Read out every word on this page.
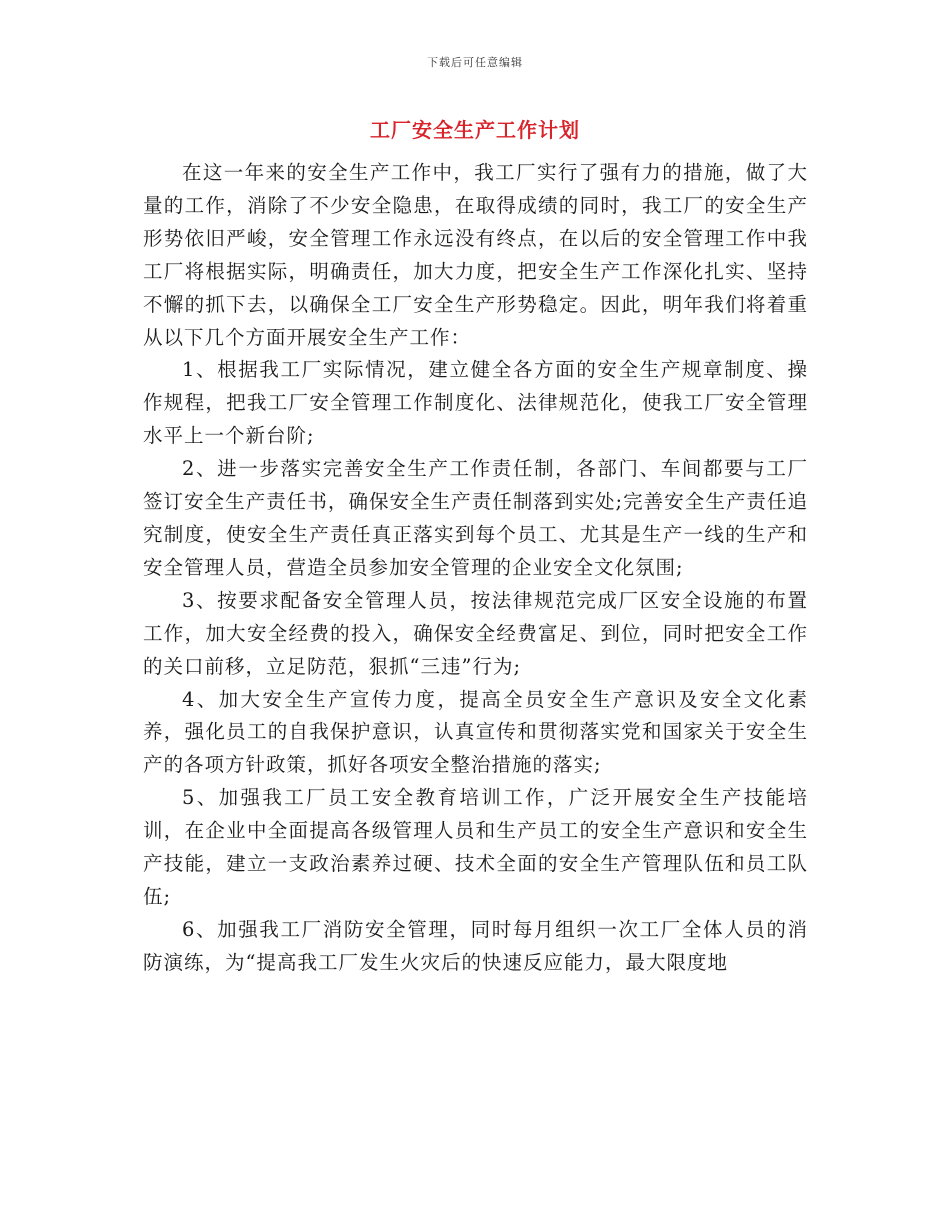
下载后可任意编辑
工厂安全生产工作计划

在这一年来的安全生产工作中，我工厂实行了强有力的措施，做了大量的工作，消除了不少安全隐患，在取得成绩的同时，我工厂的安全生产形势依旧严峻，安全管理工作永远没有终点，在以后的安全管理工作中我工厂将根据实际，明确责任，加大力度，把安全生产工作深化扎实、坚持不懈的抓下去，以确保全工厂安全生产形势稳定。因此，明年我们将着重从以下几个方面开展安全生产工作：

1、根据我工厂实际情况，建立健全各方面的安全生产规章制度、操作规程，把我工厂安全管理工作制度化、法律规范化，使我工厂安全管理水平上一个新台阶;

2、进一步落实完善安全生产工作责任制，各部门、车间都要与工厂签订安全生产责任书，确保安全生产责任制落到实处;完善安全生产责任追究制度，使安全生产责任真正落实到每个员工、尤其是生产一线的生产和安全管理人员，营造全员参加安全管理的企业安全文化氛围;

3、按要求配备安全管理人员，按法律规范完成厂区安全设施的布置工作，加大安全经费的投入，确保安全经费富足、到位，同时把安全工作的关口前移，立足防范，狠抓“三违”行为;

4、加大安全生产宣传力度，提高全员安全生产意识及安全文化素养，强化员工的自我保护意识，认真宣传和贯彻落实党和国家关于安全生产的各项方针政策，抓好各项安全整治措施的落实;

5、加强我工厂员工安全教育培训工作，广泛开展安全生产技能培训，在企业中全面提高各级管理人员和生产员工的安全生产意识和安全生产技能，建立一支政治素养过硬、技术全面的安全生产管理队伍和员工队伍;

6、加强我工厂消防安全管理，同时每月组织一次工厂全体人员的消防演练，为“提高我工厂发生火灾后的快速反应能力，最大限度地
